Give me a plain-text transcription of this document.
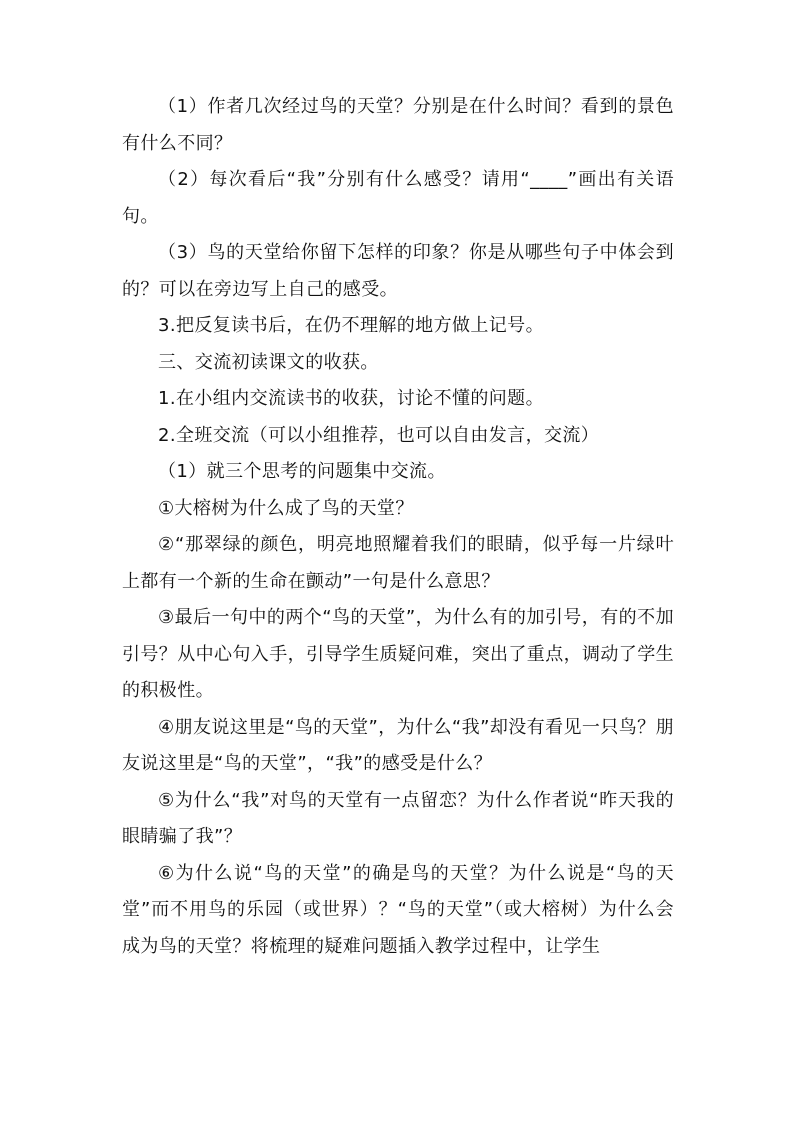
（1）作者几次经过鸟的天堂？分别是在什么时间？看到的景色有什么不同？

（2）每次看后“我”分别有什么感受？请用“____”画出有关语句。

（3）鸟的天堂给你留下怎样的印象？你是从哪些句子中体会到的？可以在旁边写上自己的感受。

3.把反复读书后，在仍不理解的地方做上记号。

三、交流初读课文的收获。

1.在小组内交流读书的收获，讨论不懂的问题。

2.全班交流（可以小组推荐，也可以自由发言，交流）

（1）就三个思考的问题集中交流。

①大榕树为什么成了鸟的天堂？

②“那翠绿的颜色，明亮地照耀着我们的眼睛，似乎每一片绿叶上都有一个新的生命在颤动”一句是什么意思？

③最后一句中的两个“鸟的天堂”，为什么有的加引号，有的不加引号？从中心句入手，引导学生质疑问难，突出了重点，调动了学生的积极性。

④朋友说这里是“鸟的天堂”，为什么“我”却没有看见一只鸟？朋友说这里是“鸟的天堂”，“我”的感受是什么？

⑤为什么“我”对鸟的天堂有一点留恋？为什么作者说“昨天我的眼睛骗了我”？

⑥为什么说“鸟的天堂”的确是鸟的天堂？为什么说是“鸟的天堂”而不用鸟的乐园（或世界）？“鸟的天堂”（或大榕树）为什么会成为鸟的天堂？将梳理的疑难问题插入教学过程中，让学生
